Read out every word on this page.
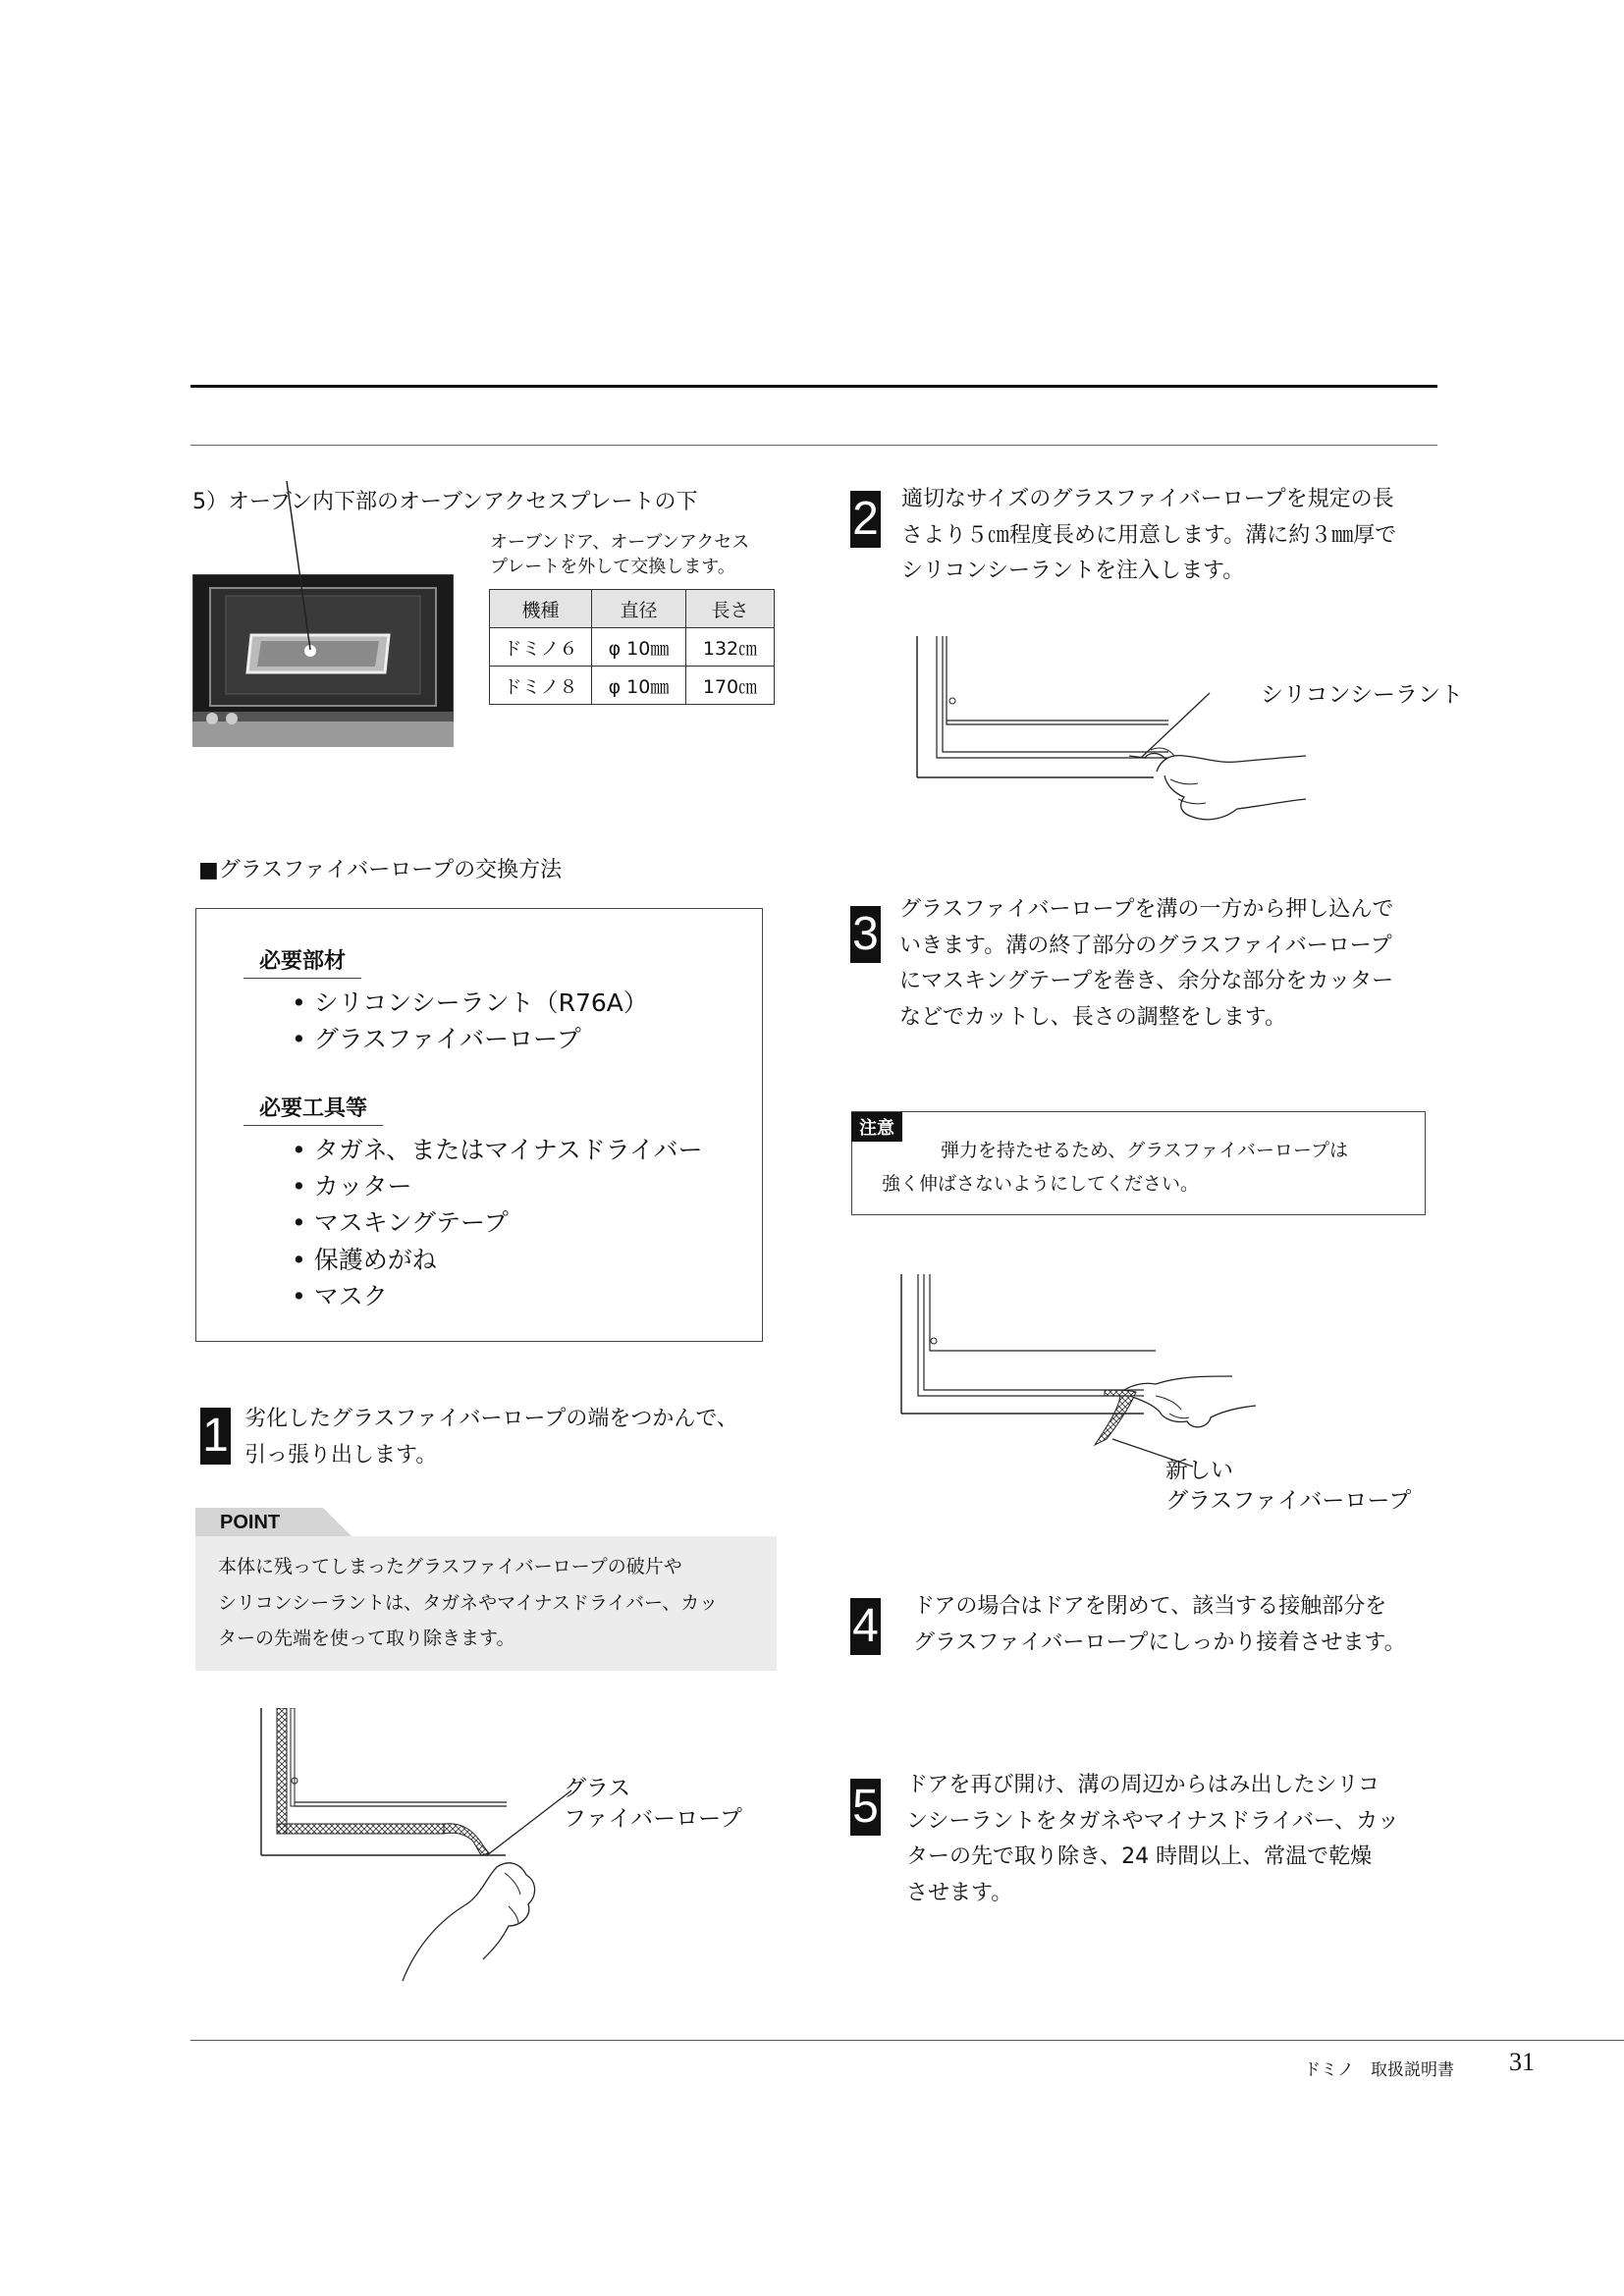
5）オーブン内下部のオーブンアクセスプレートの下
オーブンドア、オーブンアクセス
プレートを外して交換します。
機種	直径	長さ
ドミノ６	φ 10㎜	132㎝
ドミノ８	φ 10㎜	170㎝
■グラスファイバーロープの交換方法
必要部材
• シリコンシーラント（R76A）
• グラスファイバーロープ
必要工具等
• タガネ、またはマイナスドライバー
• カッター
• マスキングテープ
• 保護めがね
• マスク
1 劣化したグラスファイバーロープの端をつかんで、
引っ張り出します。
POINT
本体に残ってしまったグラスファイバーロープの破片や
シリコンシーラントは、タガネやマイナスドライバー、カッ
ターの先端を使って取り除きます。
グラス
ファイバーロープ
2 適切なサイズのグラスファイバーロープを規定の長
さより５㎝程度長めに用意します。溝に約３㎜厚で
シリコンシーラントを注入します。
シリコンシーラント
3 グラスファイバーロープを溝の一方から押し込んで
いきます。溝の終了部分のグラスファイバーロープ
にマスキングテープを巻き、余分な部分をカッター
などでカットし、長さの調整をします。
注意
弾力を持たせるため、グラスファイバーロープは
強く伸ばさないようにしてください。
新しい
グラスファイバーロープ
4 ドアの場合はドアを閉めて、該当する接触部分を
グラスファイバーロープにしっかり接着させます。
5 ドアを再び開け、溝の周辺からはみ出したシリコ
ンシーラントをタガネやマイナスドライバー、カッ
ターの先で取り除き、24 時間以上、常温で乾燥
させます。
ドミノ　取扱説明書 31
